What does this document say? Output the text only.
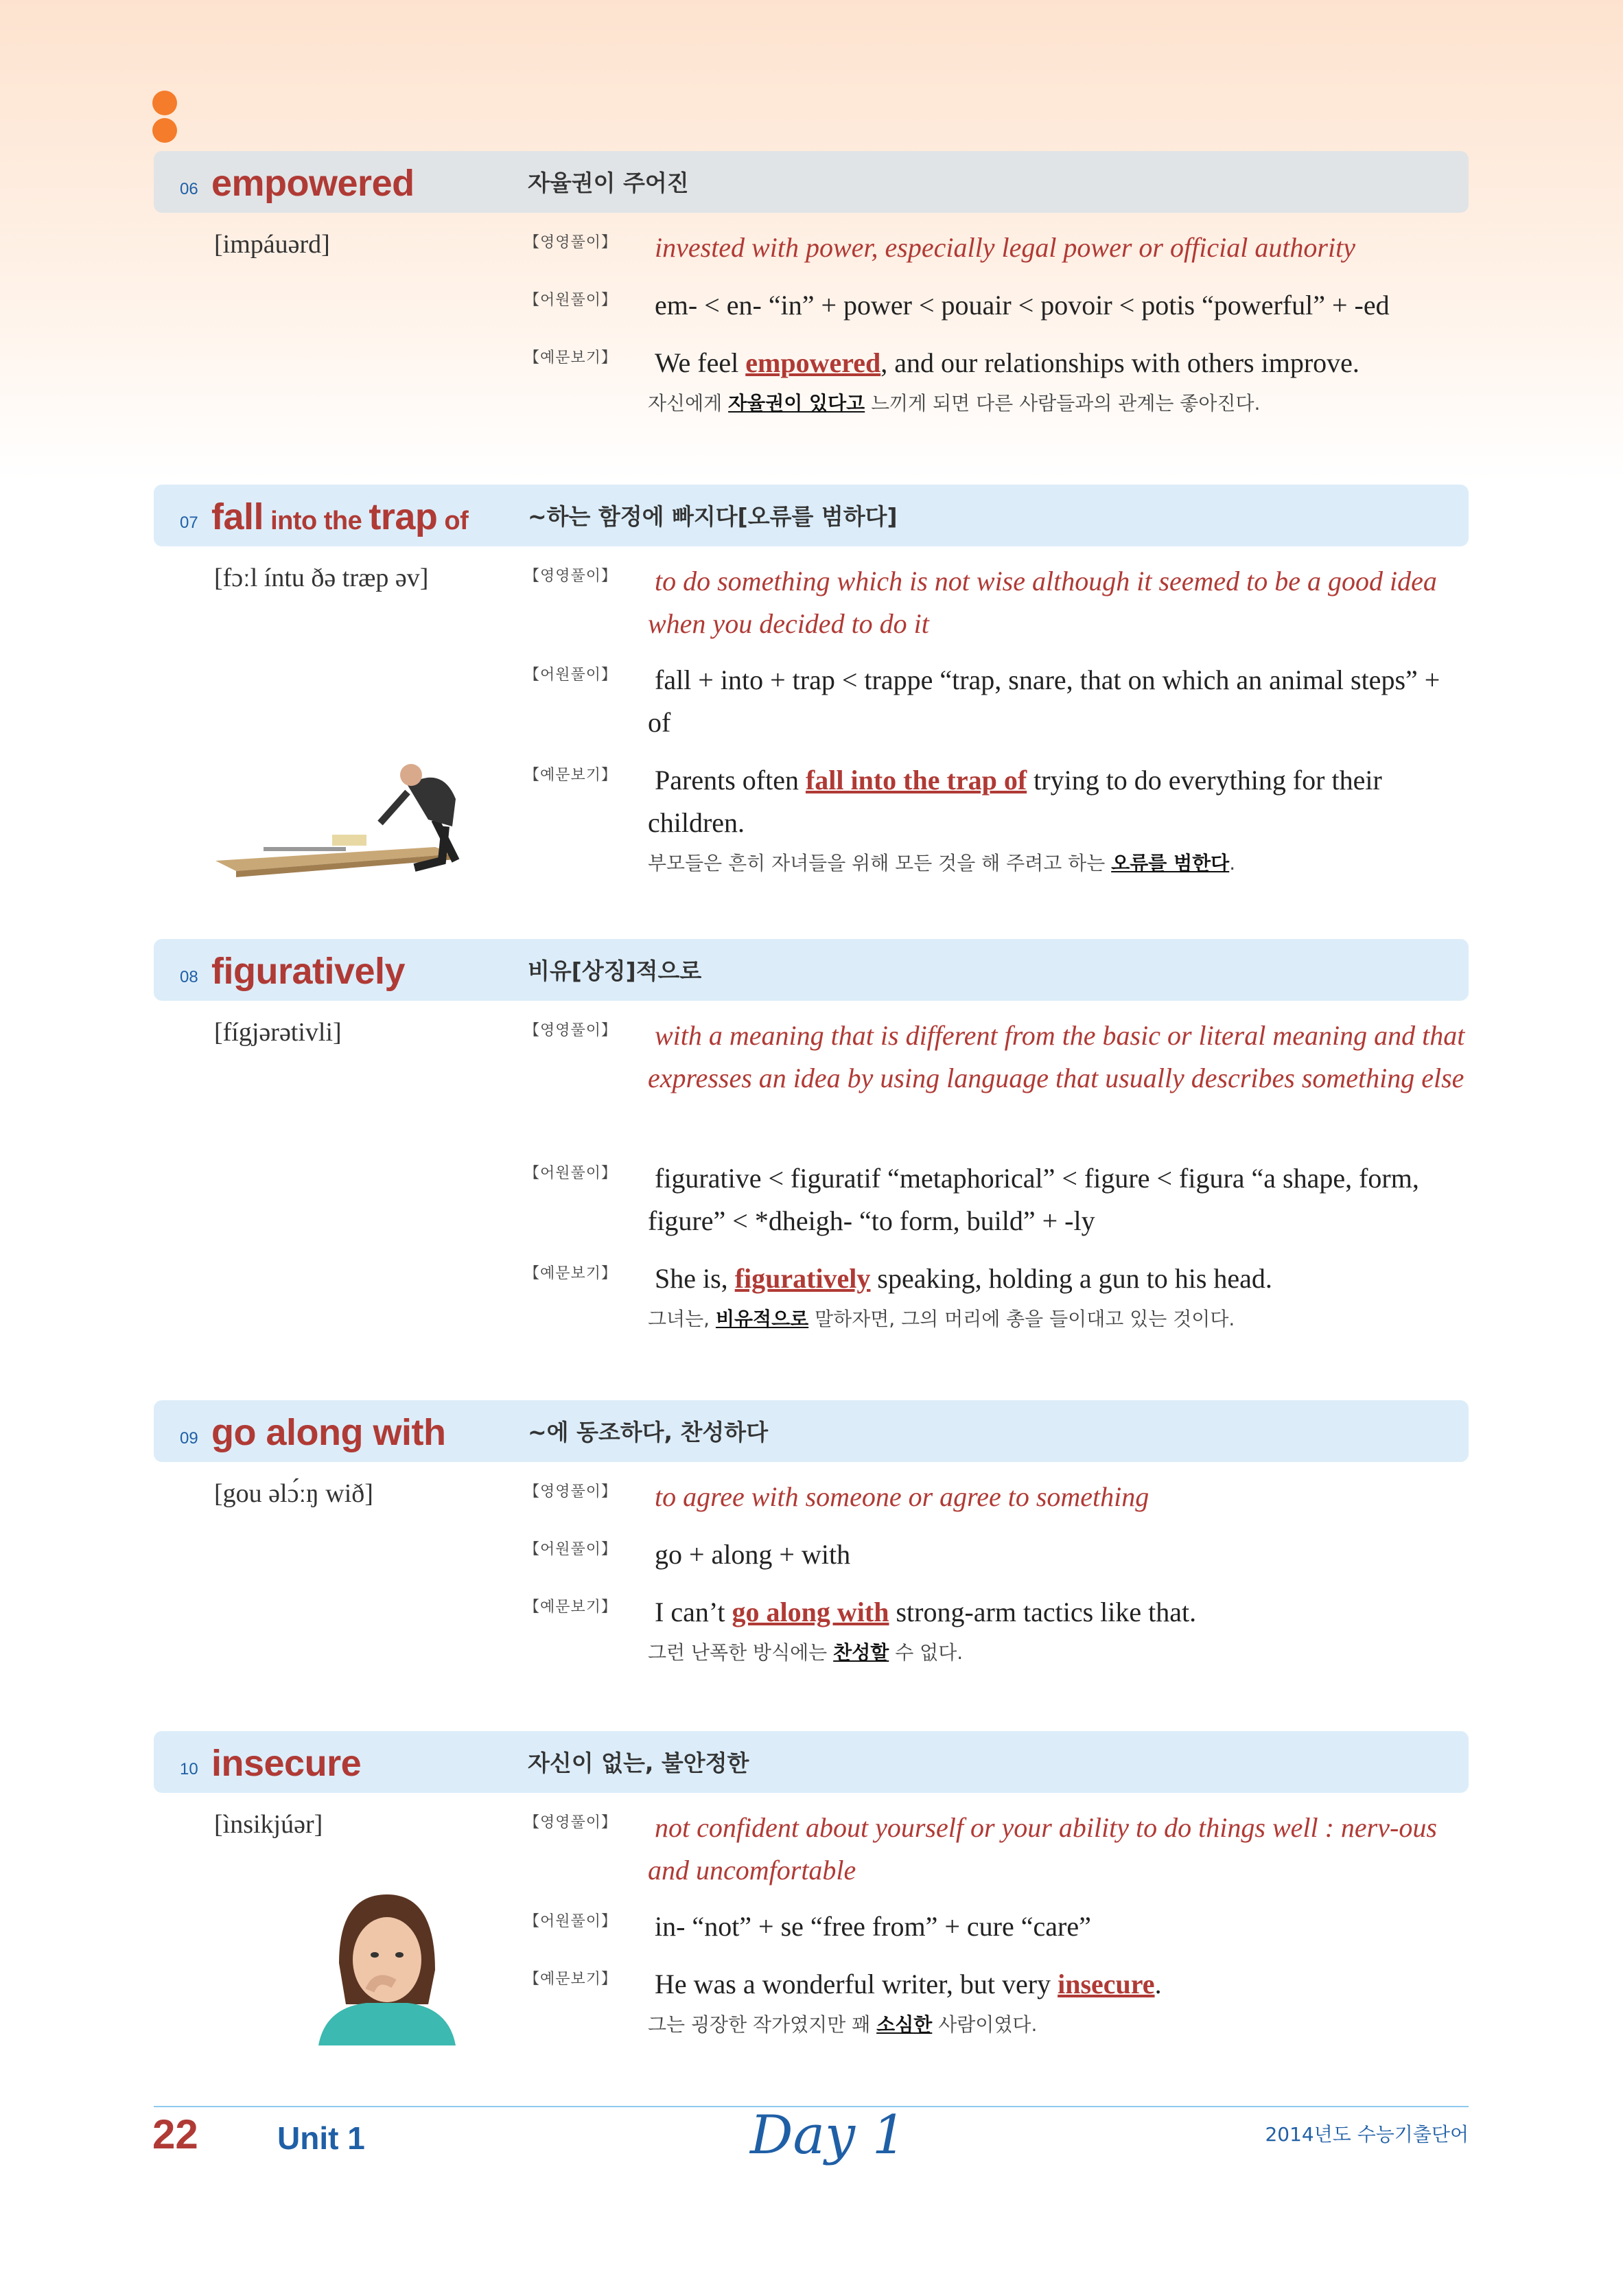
06 empowered	자율권이 주어진
[impáuərd]	【영영풀이】 invested with power, especially legal power or official authority
【어원풀이】 em- < en- “in” + power < pouair < povoir < potis “powerful” + -ed
【예문보기】 We feel empowered, and our relationships with others improve.
자신에게 자율권이 있다고 느끼게 되면 다른 사람들과의 관계는 좋아진다.
07 fall into the trap of	~하는 함정에 빠지다[오류를 범하다]
[fɔːl íntu ðə træp əv]	【영영풀이】 to do something which is not wise although it seemed to be a good idea when you decided to do it
【어원풀이】 fall + into + trap < trappe “trap, snare, that on which an animal steps” + of
【예문보기】 Parents often fall into the trap of trying to do everything for their children.
부모들은 흔히 자녀들을 위해 모든 것을 해 주려고 하는 오류를 범한다.
08 figuratively	비유[상징]적으로
[fígjərətivli]	【영영풀이】 with a meaning that is different from the basic or literal meaning and that expresses an idea by using language that usually describes something else
【어원풀이】 figurative < figuratif “metaphorical” < figure < figura “a shape, form, figure” < *dheigh- “to form, build” + -ly
【예문보기】 She is, figuratively speaking, holding a gun to his head.
그녀는, 비유적으로 말하자면, 그의 머리에 총을 들이대고 있는 것이다.
09 go along with	~에 동조하다, 찬성하다
[gou əlɔ́ːŋ wið]	【영영풀이】 to agree with someone or agree to something
【어원풀이】 go + along + with
【예문보기】 I can’t go along with strong-arm tactics like that.
그런 난폭한 방식에는 찬성할 수 없다.
10 insecure	자신이 없는, 불안정한
[ìnsikjúər]	【영영풀이】 not confident about yourself or your ability to do things well : nerv-ous and uncomfortable
【어원풀이】 in- “not” + se “free from” + cure “care”
【예문보기】 He was a wonderful writer, but very insecure.
그는 굉장한 작가였지만 꽤 소심한 사람이였다.
22	Unit 1	Day 1	2014년도 수능기출단어
